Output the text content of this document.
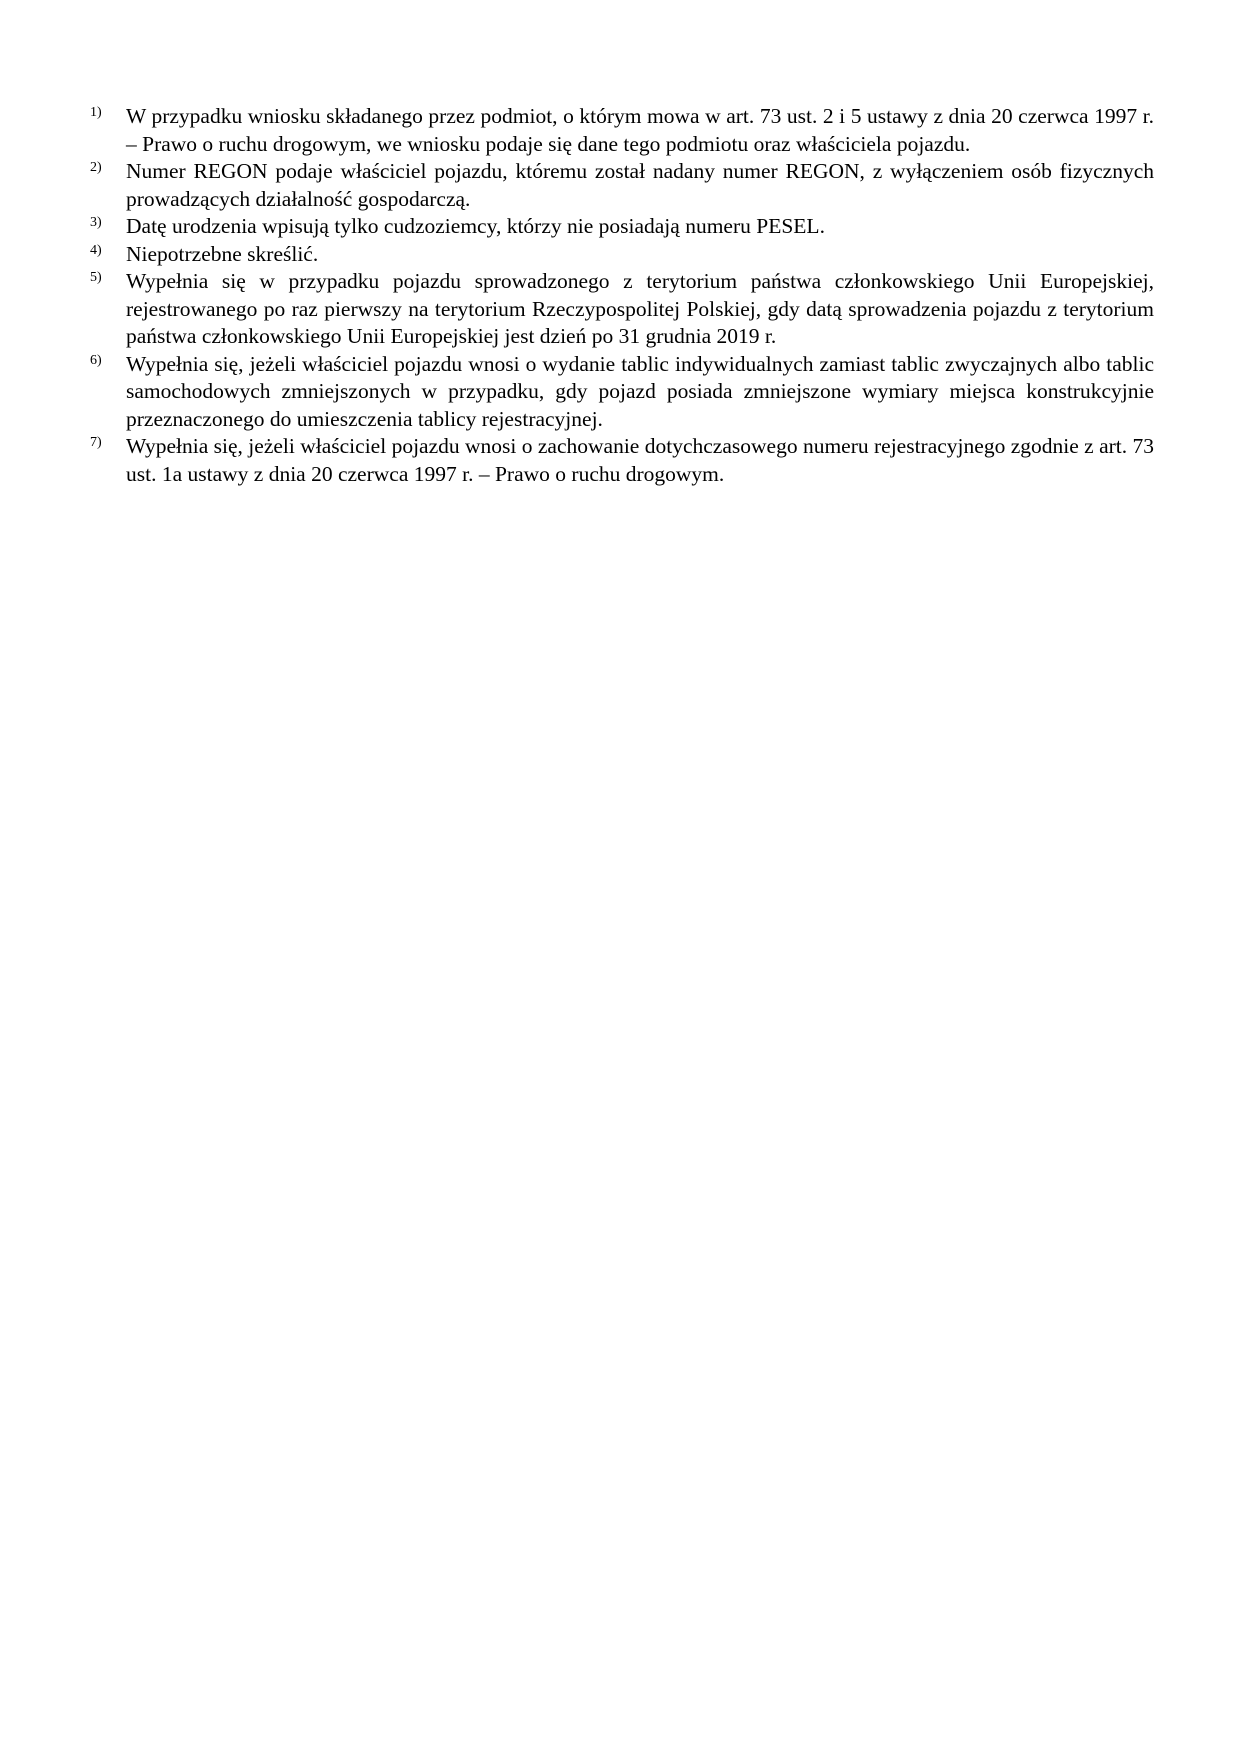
1)	W przypadku wniosku składanego przez podmiot, o którym mowa w art. 73 ust. 2 i 5 ustawy z dnia 20 czerwca 1997 r. – Prawo o ruchu drogowym, we wniosku podaje się dane tego podmiotu oraz właściciela pojazdu.
2)	Numer REGON podaje właściciel pojazdu, któremu został nadany numer REGON, z wyłączeniem osób fizycznych prowadzących działalność gospodarczą.
3)	Datę urodzenia wpisują tylko cudzoziemcy, którzy nie posiadają numeru PESEL.
4)	Niepotrzebne skreślić.
5)	Wypełnia się w przypadku pojazdu sprowadzonego z terytorium państwa członkowskiego Unii Europejskiej, rejestrowanego po raz pierwszy na terytorium Rzeczypospolitej Polskiej, gdy datą sprowadzenia pojazdu z terytorium państwa członkowskiego Unii Europejskiej jest dzień po 31 grudnia 2019 r.
6)	Wypełnia się, jeżeli właściciel pojazdu wnosi o wydanie tablic indywidualnych zamiast tablic zwyczajnych albo tablic samochodowych zmniejszonych w przypadku, gdy pojazd posiada zmniejszone wymiary miejsca konstrukcyjnie przeznaczonego do umieszczenia tablicy rejestracyjnej.
7)	Wypełnia się, jeżeli właściciel pojazdu wnosi o zachowanie dotychczasowego numeru rejestracyjnego zgodnie z art. 73 ust. 1a ustawy z dnia 20 czerwca 1997 r. – Prawo o ruchu drogowym.
